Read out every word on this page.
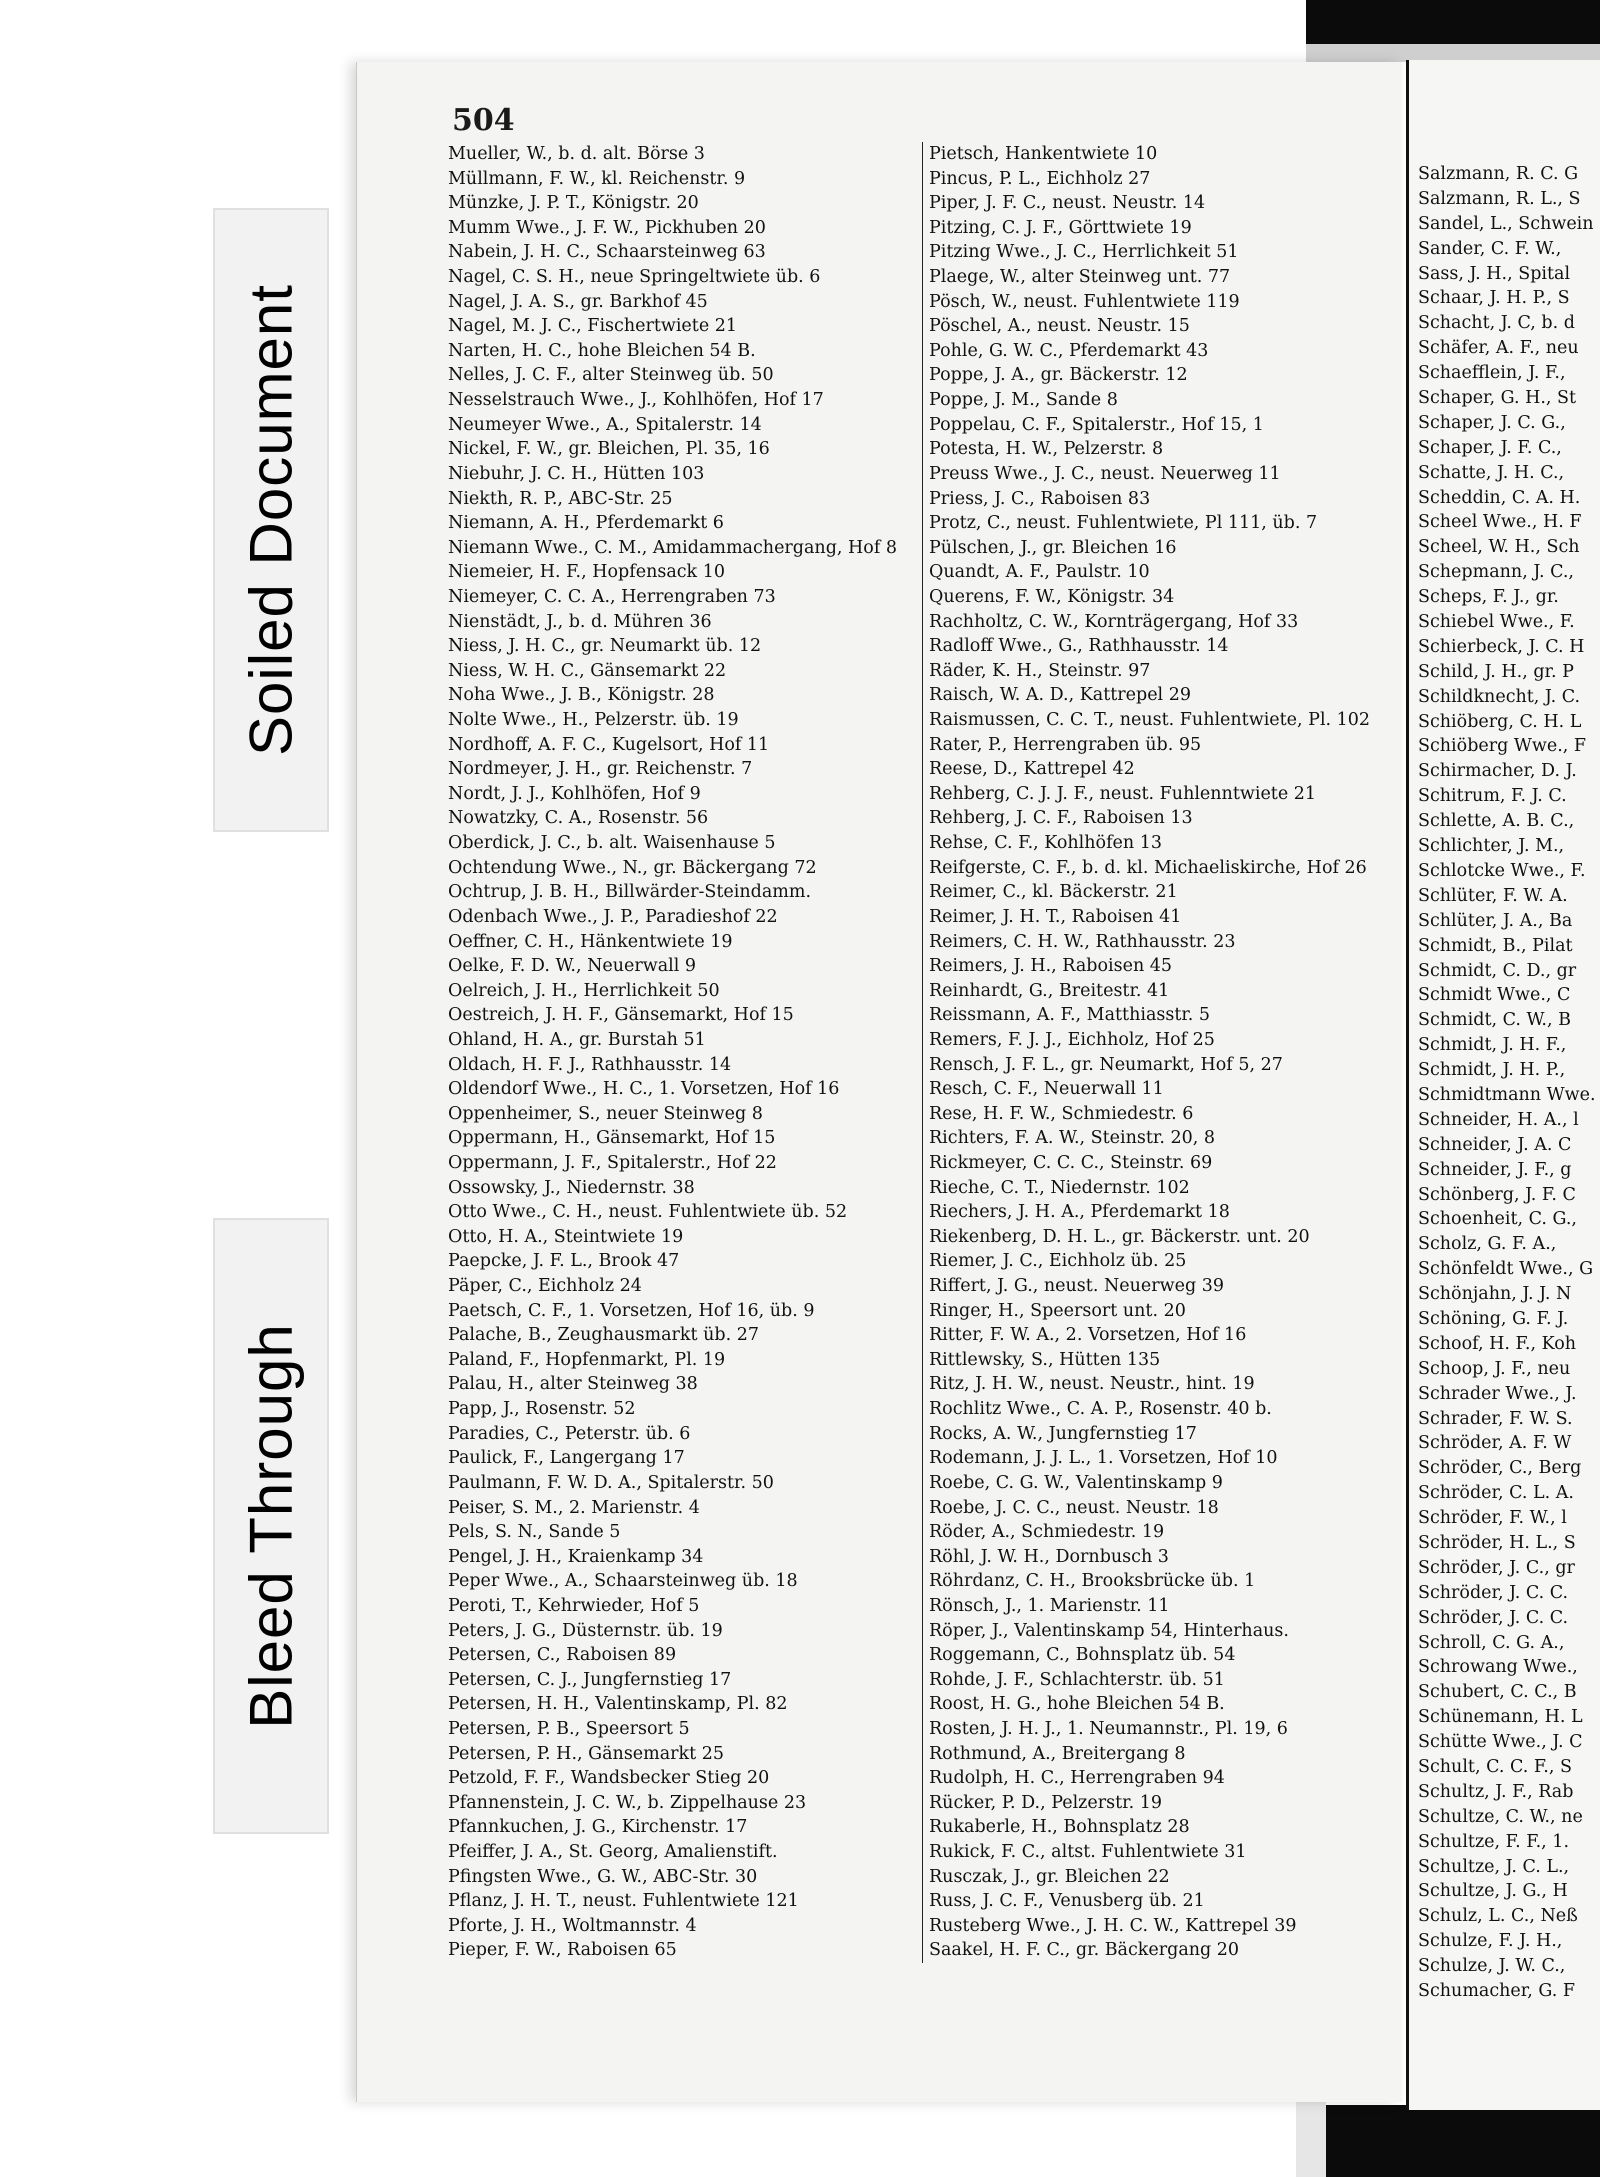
Soiled Document
Bleed Through
504
Mueller, W., b. d. alt. Börse 3
Müllmann, F. W., kl. Reichenstr. 9
Münzke, J. P. T., Königstr. 20
Mumm Wwe., J. F. W., Pickhuben 20
Nabein, J. H. C., Schaarsteinweg 63
Nagel, C. S. H., neue Springeltwiete üb. 6
Nagel, J. A. S., gr. Barkhof 45
Nagel, M. J. C., Fischertwiete 21
Narten, H. C., hohe Bleichen 54 B.
Nelles, J. C. F., alter Steinweg üb. 50
Nesselstrauch Wwe., J., Kohlhöfen, Hof 17
Neumeyer Wwe., A., Spitalerstr. 14
Nickel, F. W., gr. Bleichen, Pl. 35, 16
Niebuhr, J. C. H., Hütten 103
Niekth, R. P., ABC-Str. 25
Niemann, A. H., Pferdemarkt 6
Niemann Wwe., C. M., Amidammachergang, Hof 8
Niemeier, H. F., Hopfensack 10
Niemeyer, C. C. A., Herrengraben 73
Nienstädt, J., b. d. Mühren 36
Niess, J. H. C., gr. Neumarkt üb. 12
Niess, W. H. C., Gänsemarkt 22
Noha Wwe., J. B., Königstr. 28
Nolte Wwe., H., Pelzerstr. üb. 19
Nordhoff, A. F. C., Kugelsort, Hof 11
Nordmeyer, J. H., gr. Reichenstr. 7
Nordt, J. J., Kohlhöfen, Hof 9
Nowatzky, C. A., Rosenstr. 56
Oberdick, J. C., b. alt. Waisenhause 5
Ochtendung Wwe., N., gr. Bäckergang 72
Ochtrup, J. B. H., Billwärder-Steindamm.
Odenbach Wwe., J. P., Paradieshof 22
Oeffner, C. H., Hänkentwiete 19
Oelke, F. D. W., Neuerwall 9
Oelreich, J. H., Herrlichkeit 50
Oestreich, J. H. F., Gänsemarkt, Hof 15
Ohland, H. A., gr. Burstah 51
Oldach, H. F. J., Rathhausstr. 14
Oldendorf Wwe., H. C., 1. Vorsetzen, Hof 16
Oppenheimer, S., neuer Steinweg 8
Oppermann, H., Gänsemarkt, Hof 15
Oppermann, J. F., Spitalerstr., Hof 22
Ossowsky, J., Niedernstr. 38
Otto Wwe., C. H., neust. Fuhlentwiete üb. 52
Otto, H. A., Steintwiete 19
Paepcke, J. F. L., Brook 47
Päper, C., Eichholz 24
Paetsch, C. F., 1. Vorsetzen, Hof 16, üb. 9
Palache, B., Zeughausmarkt üb. 27
Paland, F., Hopfenmarkt, Pl. 19
Palau, H., alter Steinweg 38
Papp, J., Rosenstr. 52
Paradies, C., Peterstr. üb. 6
Paulick, F., Langergang 17
Paulmann, F. W. D. A., Spitalerstr. 50
Peiser, S. M., 2. Marienstr. 4
Pels, S. N., Sande 5
Pengel, J. H., Kraienkamp 34
Peper Wwe., A., Schaarsteinweg üb. 18
Peroti, T., Kehrwieder, Hof 5
Peters, J. G., Düsternstr. üb. 19
Petersen, C., Raboisen 89
Petersen, C. J., Jungfernstieg 17
Petersen, H. H., Valentinskamp, Pl. 82
Petersen, P. B., Speersort 5
Petersen, P. H., Gänsemarkt 25
Petzold, F. F., Wandsbecker Stieg 20
Pfannenstein, J. C. W., b. Zippelhause 23
Pfannkuchen, J. G., Kirchenstr. 17
Pfeiffer, J. A., St. Georg, Amalienstift.
Pfingsten Wwe., G. W., ABC-Str. 30
Pflanz, J. H. T., neust. Fuhlentwiete 121
Pforte, J. H., Woltmannstr. 4
Pieper, F. W., Raboisen 65
Pietsch, Hankentwiete 10
Pincus, P. L., Eichholz 27
Piper, J. F. C., neust. Neustr. 14
Pitzing, C. J. F., Görttwiete 19
Pitzing Wwe., J. C., Herrlichkeit 51
Plaege, W., alter Steinweg unt. 77
Pösch, W., neust. Fuhlentwiete 119
Pöschel, A., neust. Neustr. 15
Pohle, G. W. C., Pferdemarkt 43
Poppe, J. A., gr. Bäckerstr. 12
Poppe, J. M., Sande 8
Poppelau, C. F., Spitalerstr., Hof 15, 1
Potesta, H. W., Pelzerstr. 8
Preuss Wwe., J. C., neust. Neuerweg 11
Priess, J. C., Raboisen 83
Protz, C., neust. Fuhlentwiete, Pl 111, üb. 7
Pülschen, J., gr. Bleichen 16
Quandt, A. F., Paulstr. 10
Querens, F. W., Königstr. 34
Rachholtz, C. W., Kornträgergang, Hof 33
Radloff Wwe., G., Rathhausstr. 14
Räder, K. H., Steinstr. 97
Raisch, W. A. D., Kattrepel 29
Raismussen, C. C. T., neust. Fuhlentwiete, Pl. 102
Rater, P., Herrengraben üb. 95
Reese, D., Kattrepel 42
Rehberg, C. J. J. F., neust. Fuhlenntwiete 21
Rehberg, J. C. F., Raboisen 13
Rehse, C. F., Kohlhöfen 13
Reifgerste, C. F., b. d. kl. Michaeliskirche, Hof 26
Reimer, C., kl. Bäckerstr. 21
Reimer, J. H. T., Raboisen 41
Reimers, C. H. W., Rathhausstr. 23
Reimers, J. H., Raboisen 45
Reinhardt, G., Breitestr. 41
Reissmann, A. F., Matthiasstr. 5
Remers, F. J. J., Eichholz, Hof 25
Rensch, J. F. L., gr. Neumarkt, Hof 5, 27
Resch, C. F., Neuerwall 11
Rese, H. F. W., Schmiedestr. 6
Richters, F. A. W., Steinstr. 20, 8
Rickmeyer, C. C. C., Steinstr. 69
Rieche, C. T., Niedernstr. 102
Riechers, J. H. A., Pferdemarkt 18
Riekenberg, D. H. L., gr. Bäckerstr. unt. 20
Riemer, J. C., Eichholz üb. 25
Riffert, J. G., neust. Neuerweg 39
Ringer, H., Speersort unt. 20
Ritter, F. W. A., 2. Vorsetzen, Hof 16
Rittlewsky, S., Hütten 135
Ritz, J. H. W., neust. Neustr., hint. 19
Rochlitz Wwe., C. A. P., Rosenstr. 40 b.
Rocks, A. W., Jungfernstieg 17
Rodemann, J. J. L., 1. Vorsetzen, Hof 10
Roebe, C. G. W., Valentinskamp 9
Roebe, J. C. C., neust. Neustr. 18
Röder, A., Schmiedestr. 19
Röhl, J. W. H., Dornbusch 3
Röhrdanz, C. H., Brooksbrücke üb. 1
Rönsch, J., 1. Marienstr. 11
Röper, J., Valentinskamp 54, Hinterhaus.
Roggemann, C., Bohnsplatz üb. 54
Rohde, J. F., Schlachterstr. üb. 51
Roost, H. G., hohe Bleichen 54 B.
Rosten, J. H. J., 1. Neumannstr., Pl. 19, 6
Rothmund, A., Breitergang 8
Rudolph, H. C., Herrengraben 94
Rücker, P. D., Pelzerstr. 19
Rukaberle, H., Bohnsplatz 28
Rukick, F. C., altst. Fuhlentwiete 31
Rusczak, J., gr. Bleichen 22
Russ, J. C. F., Venusberg üb. 21
Rusteberg Wwe., J. H. C. W., Kattrepel 39
Saakel, H. F. C., gr. Bäckergang 20
Salzmann, R. C. G
Salzmann, R. L., S
Sandel, L., Schwein
Sander, C. F. W.,
Sass, J. H., Spital
Schaar, J. H. P., S
Schacht, J. C, b. d
Schäfer, A. F., neu
Schaefflein, J. F.,
Schaper, G. H., St
Schaper, J. C. G.,
Schaper, J. F. C.,
Schatte, J. H. C.,
Scheddin, C. A. H.
Scheel Wwe., H. F
Scheel, W. H., Sch
Schepmann, J. C.,
Scheps, F. J., gr.
Schiebel Wwe., F.
Schierbeck, J. C. H
Schild, J. H., gr. P
Schildknecht, J. C.
Schiöberg, C. H. L
Schiöberg Wwe., F
Schirmacher, D. J.
Schitrum, F. J. C.
Schlette, A. B. C.,
Schlichter, J. M.,
Schlotcke Wwe., F.
Schlüter, F. W. A.
Schlüter, J. A., Ba
Schmidt, B., Pilat
Schmidt, C. D., gr
Schmidt Wwe., C
Schmidt, C. W., B
Schmidt, J. H. F.,
Schmidt, J. H. P.,
Schmidtmann Wwe.
Schneider, H. A., l
Schneider, J. A. C
Schneider, J. F., g
Schönberg, J. F. C
Schoenheit, C. G.,
Scholz, G. F. A.,
Schönfeldt Wwe., G
Schönjahn, J. J. N
Schöning, G. F. J.
Schoof, H. F., Koh
Schoop, J. F., neu
Schrader Wwe., J.
Schrader, F. W. S.
Schröder, A. F. W
Schröder, C., Berg
Schröder, C. L. A.
Schröder, F. W., l
Schröder, H. L., S
Schröder, J. C., gr
Schröder, J. C. C.
Schröder, J. C. C.
Schroll, C. G. A.,
Schrowang Wwe.,
Schubert, C. C., B
Schünemann, H. L
Schütte Wwe., J. C
Schult, C. C. F., S
Schultz, J. F., Rab
Schultze, C. W., ne
Schultze, F. F., 1.
Schultze, J. C. L.,
Schultze, J. G., H
Schulz, L. C., Neß
Schulze, F. J. H.,
Schulze, J. W. C.,
Schumacher, G. F
